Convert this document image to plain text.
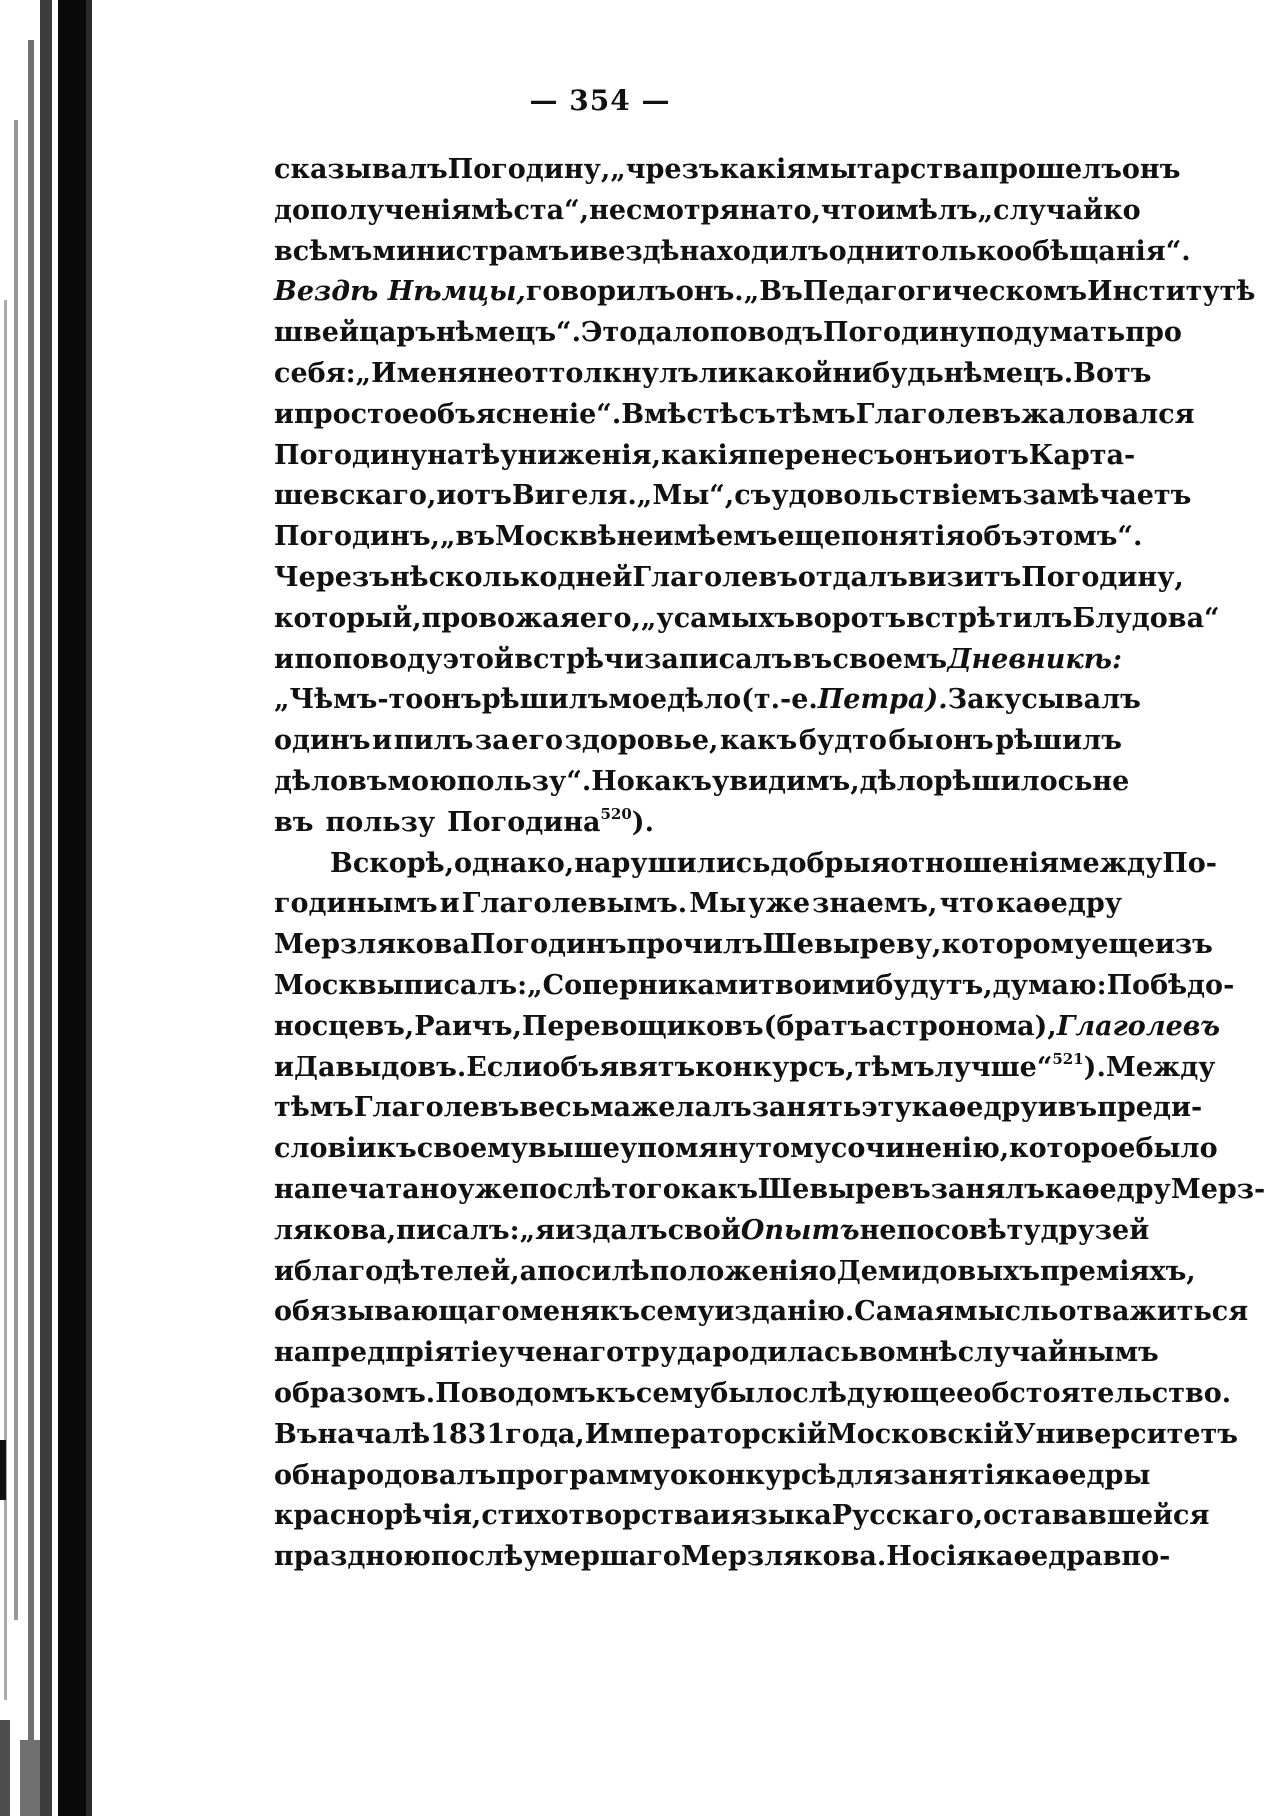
— 354 —
сказывалъ Погодину, „чрезъ какія мытарства прошелъ онъ
до полученія мѣста“, несмотря на то, что имѣлъ „случай ко
всѣмъ министрамъ и вездѣ находилъ одни только обѣщанія“.
Вездѣ Нѣмцы, говорилъ онъ. „Въ Педагогическомъ Институтѣ
швейцаръ нѣмецъ“. Это дало поводъ Погодину подумать про
себя: „И меня не оттолкнулъ ли какой нибудь нѣмецъ. Вотъ
и простое объясненіе“. Вмѣстѣ съ тѣмъ Глаголевъ жаловался
Погодину на тѣ униженія, какія перенесъ онъ и отъ Карта-
шевскаго, и отъ Вигеля. „Мы“, съ удовольствіемъ замѣчаетъ
Погодинъ, „въ Москвѣ не имѣемъ еще понятія объ этомъ“.
Черезъ нѣсколько дней Глаголевъ отдалъ визитъ Погодину,
который, провожая его, „у самыхъ воротъ встрѣтилъ Блудова“
и по поводу этой встрѣчи записалъ въ своемъ Дневникѣ:
„Чѣмъ-то онъ рѣшилъ мое дѣло (т.-е. Петра). Закусывалъ
одинъ и пилъ за его здоровье, какъ будто бы онъ рѣшилъ
дѣло въ мою пользу“. Но какъ увидимъ, дѣло рѣшилось не
въ пользу Погодина$^{520}$).
Вскорѣ, однако, нарушились добрыя отношенія между По-
годинымъ и Глаголевымъ. Мы уже знаемъ, что каѳедру
Мерзлякова Погодинъ прочилъ Шевыреву, которому еще изъ
Москвы писалъ: „Соперниками твоими будутъ, думаю: Побѣдо-
носцевъ, Раичъ, Перевощиковъ (братъ астронома), Глаголевъ
и Давыдовъ. Если объявятъ конкурсъ, тѣмъ лучше“$^{521}$). Между
тѣмъ Глаголевъ весьма желалъ занять эту каѳедру и въ преди-
словіи къ своему вышеупомянутому сочиненію, которое было
напечатано уже послѣ того какъ Шевыревъ занялъ каѳедру Мерз-
лякова, писалъ: „я издалъ свой Опытъ не по совѣту друзей
и благодѣтелей, а по силѣ положенія о Демидовыхъ преміяхъ,
обязывающаго меня къ сему изданію. Самая мысль отважиться
на предпріятіе ученаго труда родилась во мнѣ случайнымъ
образомъ. Поводомъ къ сему было слѣдующее обстоятельство.
Въ началѣ 1831 года, Императорскій Московскій Университетъ
обнародовалъ программу о конкурсѣ для занятія каѳедры
краснорѣчія, стихотворства и языка Русскаго, остававшейся
праздною послѣ умершаго Мерзлякова. Но сія каѳедра впо-
